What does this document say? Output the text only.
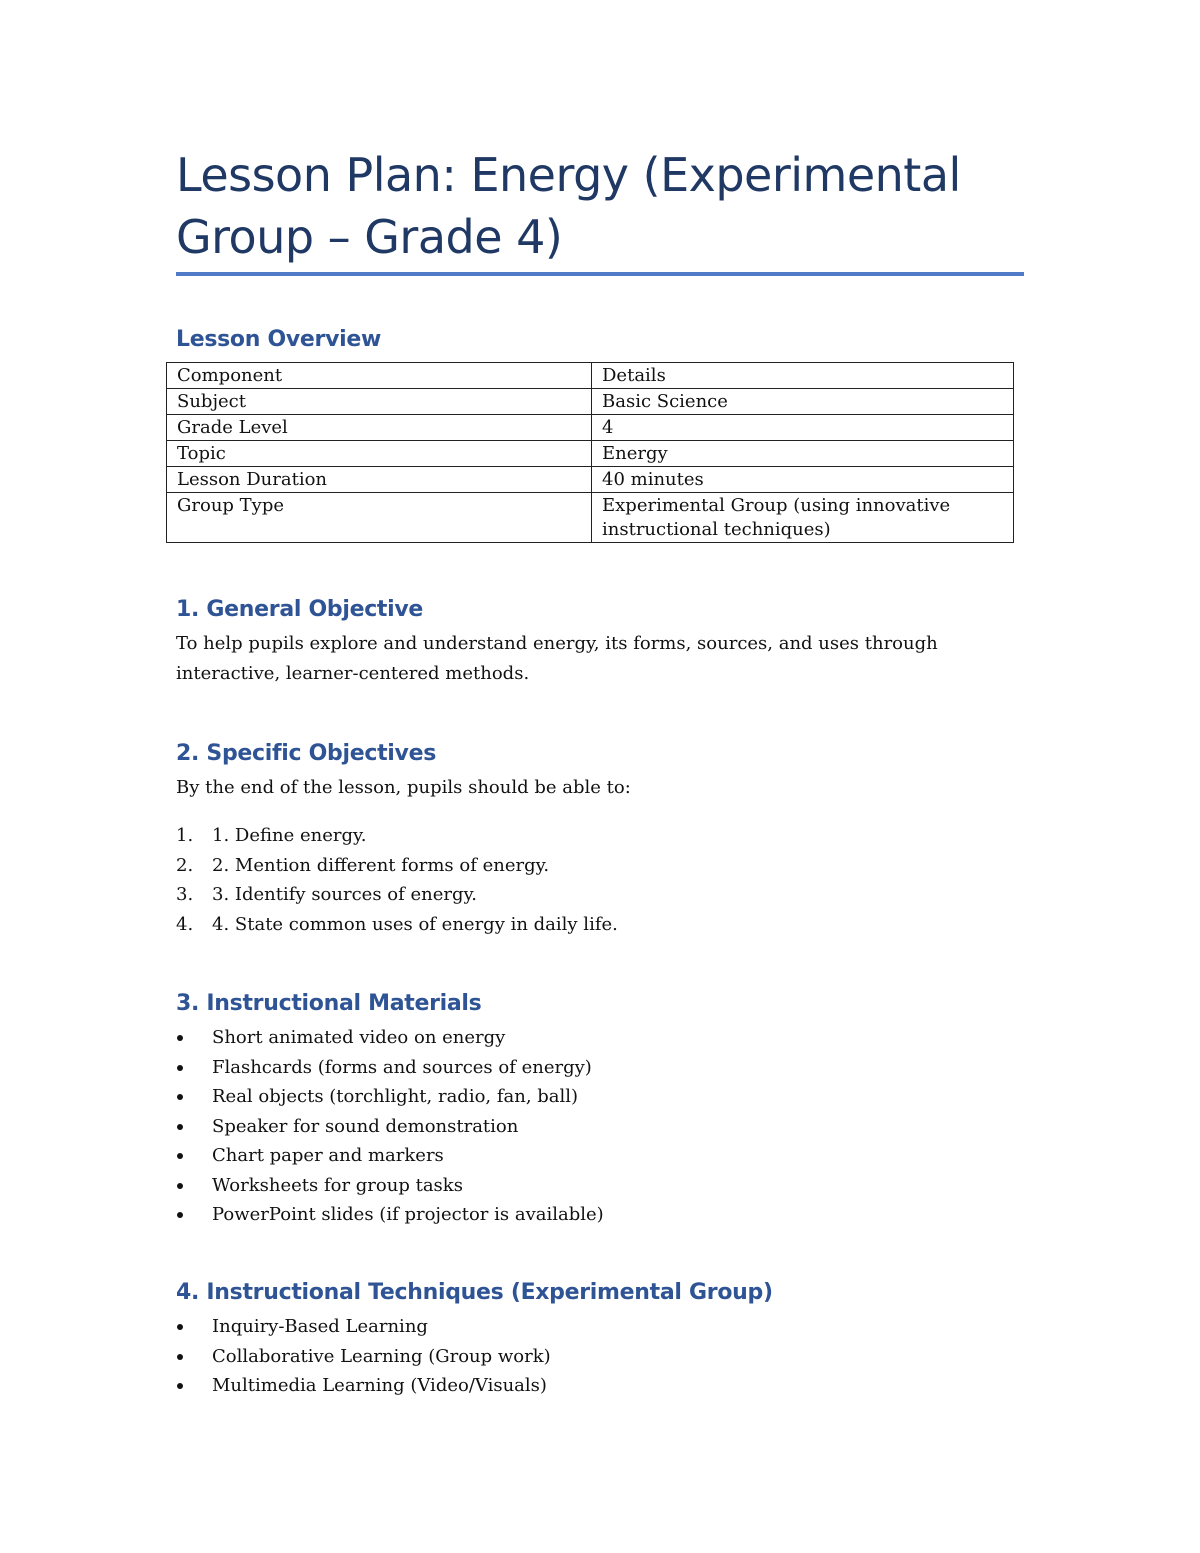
Lesson Plan: Energy (Experimental Group – Grade 4)
Lesson Overview
Component	Details
Subject	Basic Science
Grade Level	4
Topic	Energy
Lesson Duration	40 minutes
Group Type	Experimental Group (using innovative instructional techniques)
1. General Objective

To help pupils explore and understand energy, its forms, sources, and uses through interactive, learner-centered methods.

2. Specific Objectives

By the end of the lesson, pupils should be able to:

1. 1. Define energy.
2. 2. Mention different forms of energy.
3. 3. Identify sources of energy.
4. 4. State common uses of energy in daily life.
3. Instructional Materials
Short animated video on energy
Flashcards (forms and sources of energy)
Real objects (torchlight, radio, fan, ball)
Speaker for sound demonstration
Chart paper and markers
Worksheets for group tasks
PowerPoint slides (if projector is available)
4. Instructional Techniques (Experimental Group)
Inquiry-Based Learning
Collaborative Learning (Group work)
Multimedia Learning (Video/Visuals)
